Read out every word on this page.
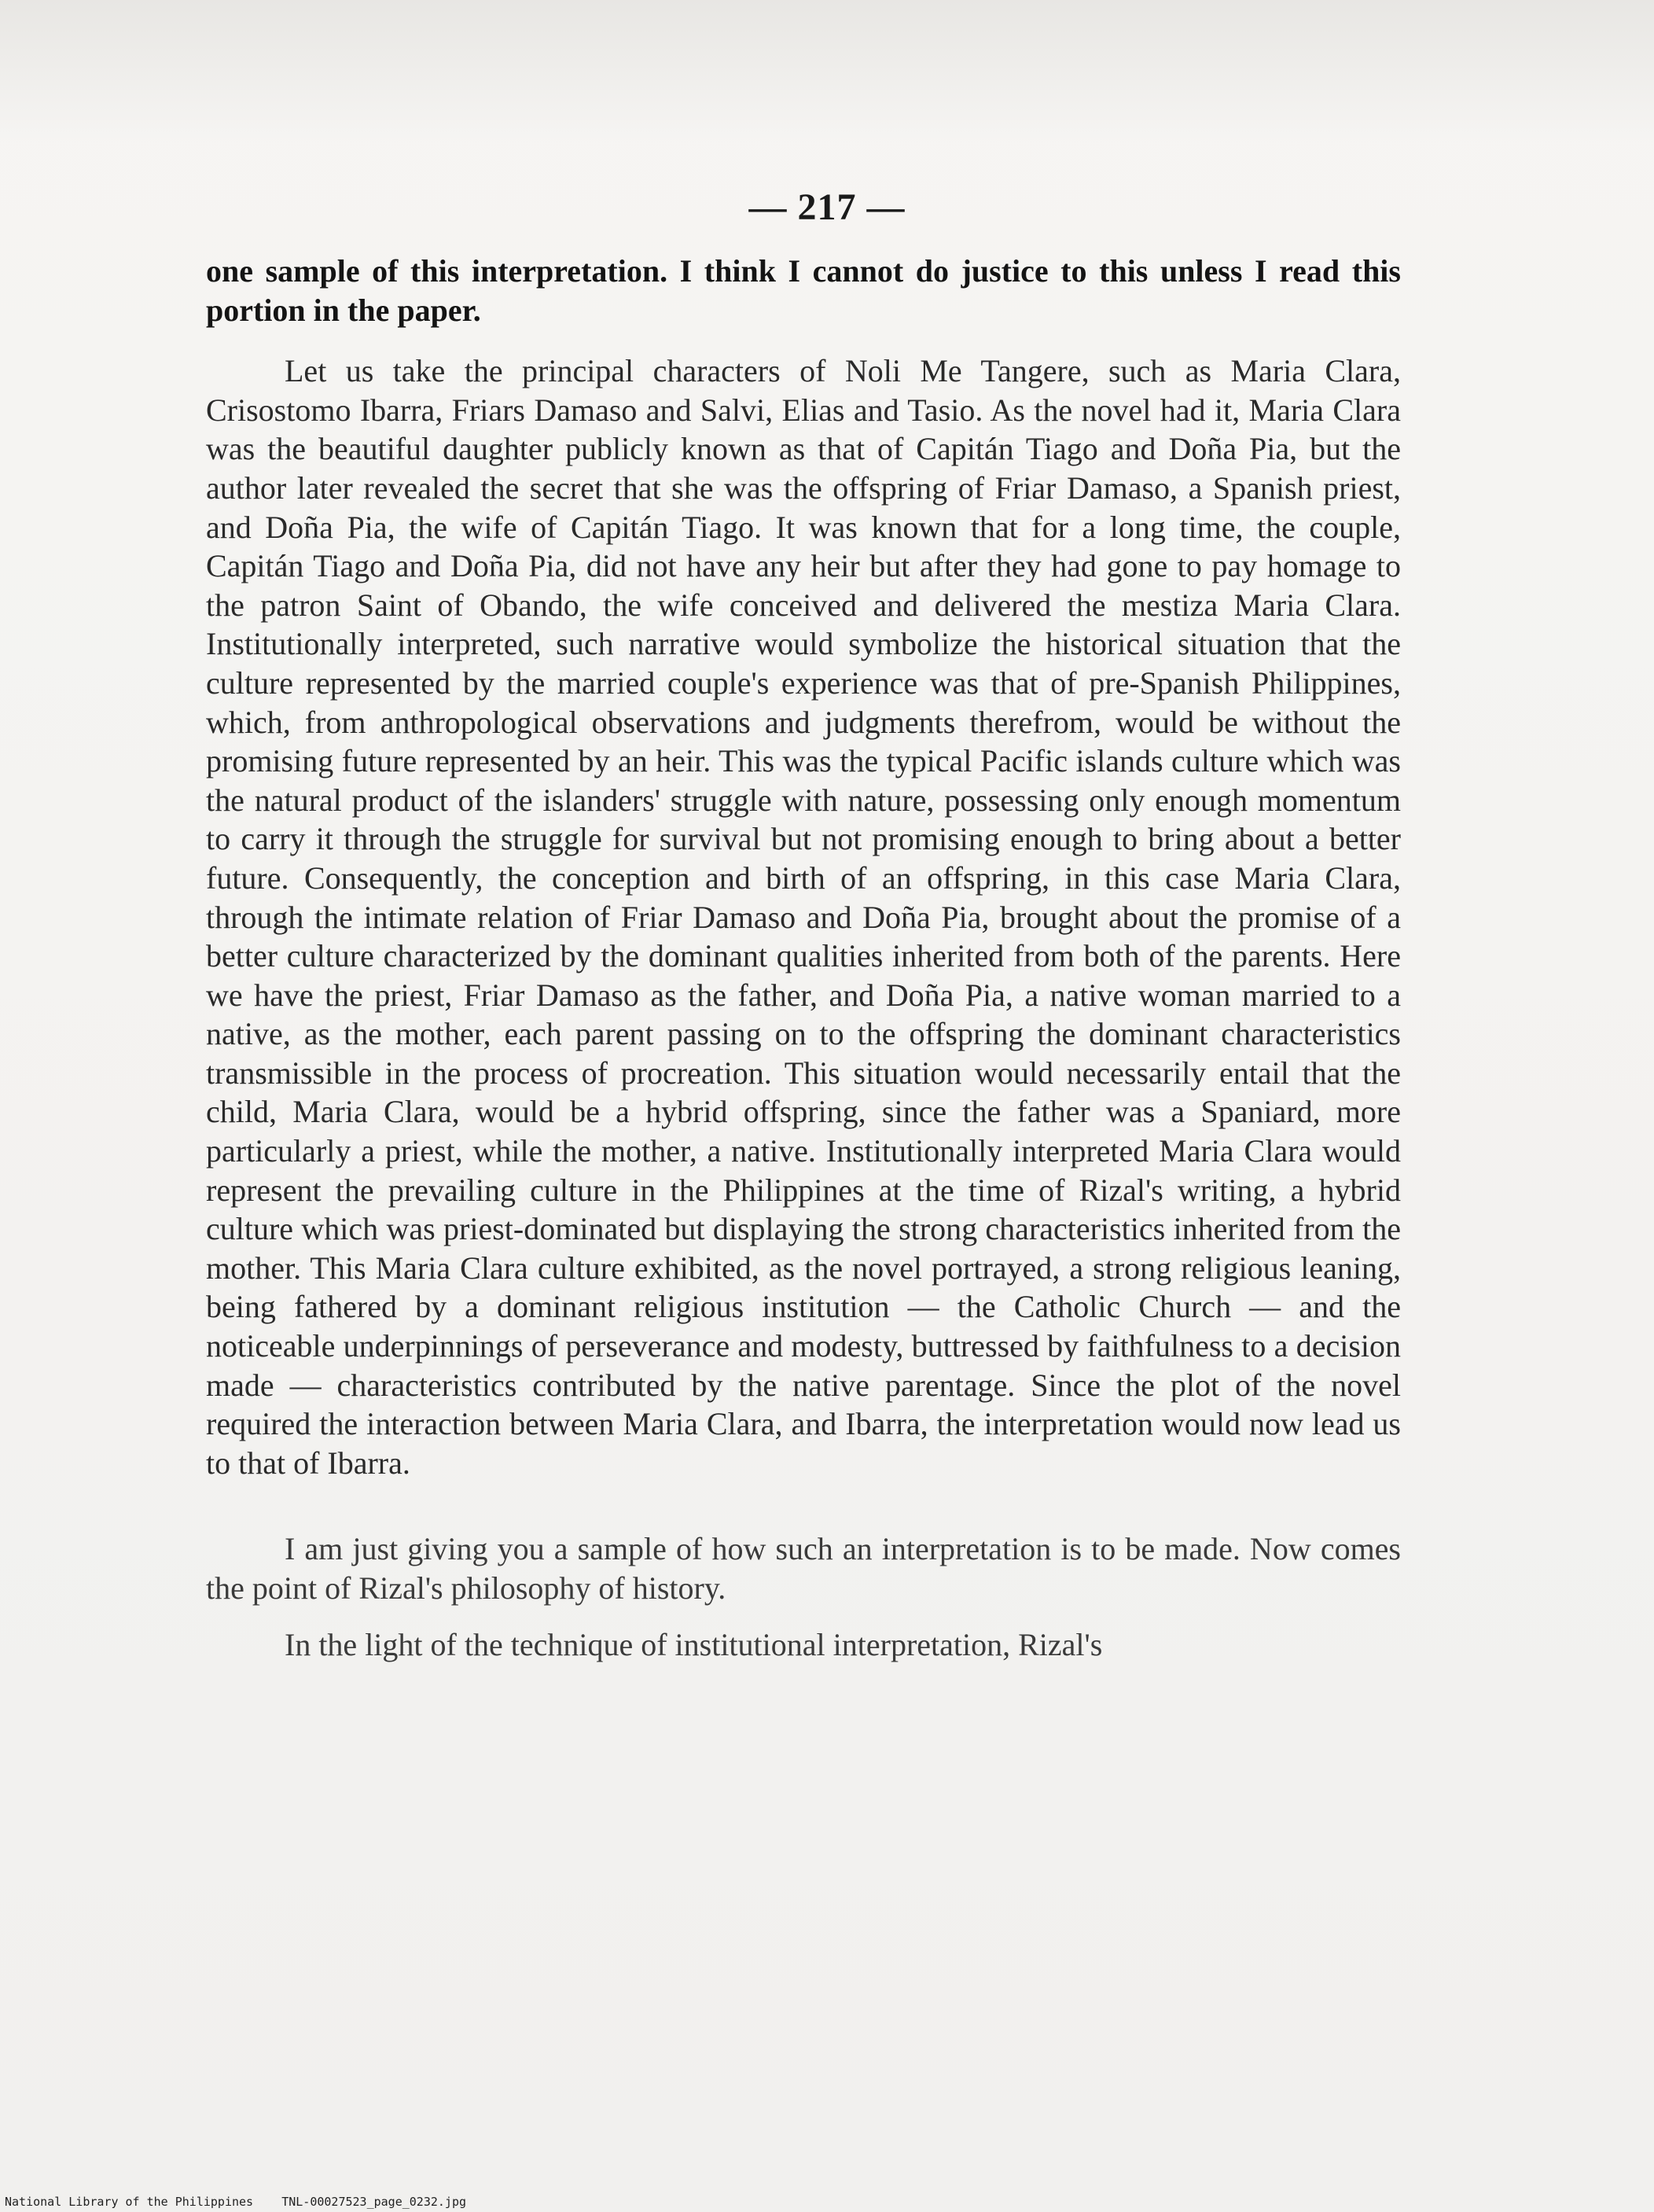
— 217 —

one sample of this interpretation. I think I cannot do justice to this unless I read this portion in the paper.

Let us take the principal characters of Noli Me Tangere, such as Maria Clara, Crisostomo Ibarra, Friars Damaso and Salvi, Elias and Tasio. As the novel had it, Maria Clara was the beautiful daughter publicly known as that of Capitán Tiago and Doña Pia, but the author later revealed the secret that she was the offspring of Friar Damaso, a Spanish priest, and Doña Pia, the wife of Capitán Tiago. It was known that for a long time, the couple, Capitán Tiago and Doña Pia, did not have any heir but after they had gone to pay homage to the patron Saint of Obando, the wife conceived and delivered the mestiza Maria Clara. Institutionally interpreted, such narrative would symbolize the historical situation that the culture represented by the married couple's experience was that of pre-Spanish Philippines, which, from anthropological observations and judgments therefrom, would be without the promising future represented by an heir. This was the typical Pacific islands culture which was the natural product of the islanders' struggle with nature, possessing only enough momentum to carry it through the struggle for survival but not promising enough to bring about a better future. Consequently, the conception and birth of an offspring, in this case Maria Clara, through the intimate relation of Friar Damaso and Doña Pia, brought about the promise of a better culture characterized by the dominant qualities inherited from both of the parents. Here we have the priest, Friar Damaso as the father, and Doña Pia, a native woman married to a native, as the mother, each parent passing on to the offspring the dominant characteristics transmissible in the process of procreation. This situation would necessarily entail that the child, Maria Clara, would be a hybrid offspring, since the father was a Spaniard, more particularly a priest, while the mother, a native. Institutionally interpreted Maria Clara would represent the prevailing culture in the Philippines at the time of Rizal's writing, a hybrid culture which was priest-dominated but displaying the strong characteristics inherited from the mother. This Maria Clara culture exhibited, as the novel portrayed, a strong religious leaning, being fathered by a dominant religious institution — the Catholic Church — and the noticeable underpinnings of perseverance and modesty, buttressed by faithfulness to a decision made — characteristics contributed by the native parentage. Since the plot of the novel required the interaction between Maria Clara, and Ibarra, the interpretation would now lead us to that of Ibarra.

I am just giving you a sample of how such an interpretation is to be made. Now comes the point of Rizal's philosophy of history.

In the light of the technique of institutional interpretation, Rizal's

National Library of the Philippines TNL-00027523_page_0232.jpg
